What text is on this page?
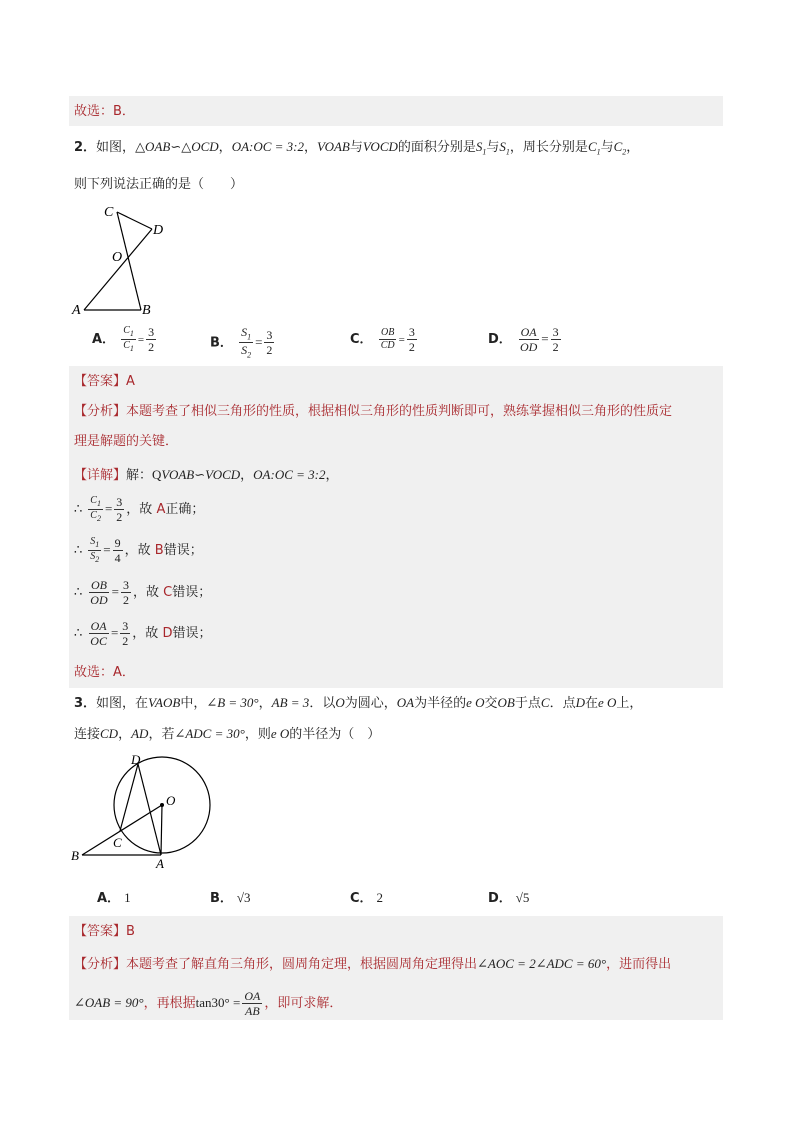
故选：B．
2．如图，△OAB∽△OCD，OA:OC = 3:2，VOAB与VOCD的面积分别是$S_1$与$S_1$，周长分别是$C_1$与$C_2$，
则下列说法正确的是（　　）
C
D
O
A	B
A． $\frac{C_1}{C_1} = \frac{3}{2}$	B． $\frac{S_1}{S_2} = \frac{3}{2}$	C． $\frac{OB}{CD} = \frac{3}{2}$	D． $\frac{OA}{OD} = \frac{3}{2}$
【答案】A
【分析】本题考查了相似三角形的性质，根据相似三角形的性质判断即可，熟练掌握相似三角形的性质定
理是解题的关键．
【详解】解：QVOAB∽VOCD，OA:OC = 3:2，
∴ $\frac{C_1}{C_2} = \frac{3}{2}$ ，故 A正确；
∴ $\frac{S_1}{S_2} = \frac{9}{4}$ ，故 B错误；
∴ $\frac{OB}{OD} = \frac{3}{2}$ ，故 C错误；
∴ $\frac{OA}{OC} = \frac{3}{2}$ ，故 D错误；
故选：A．
3．如图，在VAOB中，∠B = 30°，AB = 3．以O为圆心，OA为半径的e O交OB于点C．点D在e O上，
连接CD，AD，若∠ADC = 30°，则e O的半径为（　）
D
O
C
B
A
A． 1	B． √3	C． 2	D． √5
【答案】B
【分析】本题考查了解直角三角形，圆周角定理，根据圆周角定理得出∠AOC = 2∠ADC = 60°，进而得出
∠OAB = 90°，再根据$\tan 30^\circ = \frac{OA}{AB}$ ，即可求解．
